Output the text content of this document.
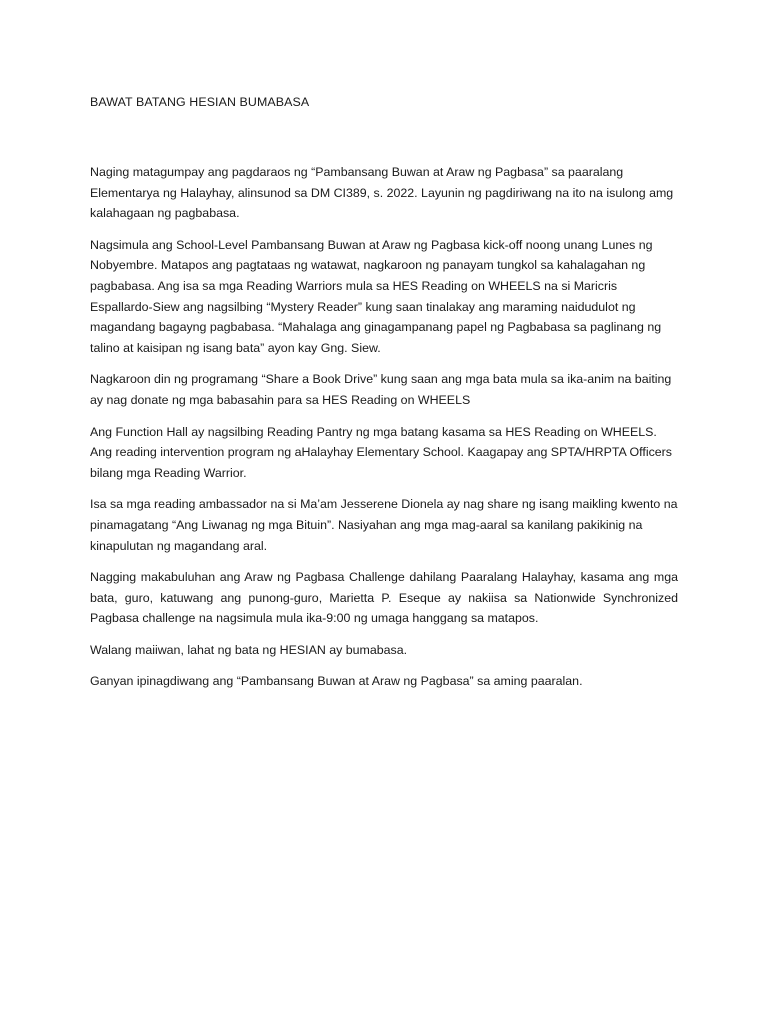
BAWAT BATANG HESIAN BUMABASA

Naging matagumpay ang pagdaraos ng “Pambansang Buwan at Araw ng Pagbasa” sa paaralang Elementarya ng Halayhay, alinsunod sa DM CI389, s. 2022. Layunin ng pagdiriwang na ito na isulong amg kalahagaan ng pagbabasa.

Nagsimula ang School-Level Pambansang Buwan at Araw ng Pagbasa kick-off noong unang Lunes ng Nobyembre. Matapos ang pagtataas ng watawat, nagkaroon ng panayam tungkol sa kahalagahan ng pagbabasa. Ang isa sa mga Reading Warriors mula sa HES Reading on WHEELS na si Maricris Espallardo-Siew ang nagsilbing “Mystery Reader” kung saan tinalakay ang maraming naidudulot ng magandang bagayng pagbabasa. “Mahalaga ang ginagampanang papel ng Pagbabasa sa paglinang ng talino at kaisipan ng isang bata” ayon kay Gng. Siew.

Nagkaroon din ng programang “Share a Book Drive” kung saan ang mga bata mula sa ika-anim na baiting ay nag donate ng mga babasahin para sa HES Reading on WHEELS

Ang Function Hall ay nagsilbing Reading Pantry ng mga batang kasama sa HES Reading on WHEELS. Ang reading intervention program ng aHalayhay Elementary School. Kaagapay ang SPTA/HRPTA Officers bilang mga Reading Warrior.

Isa sa mga reading ambassador na si Ma’am Jesserene Dionela ay nag share ng isang maikling kwento na pinamagatang “Ang Liwanag ng mga Bituin”. Nasiyahan ang mga mag-aaral sa kanilang pakikinig na kinapulutan ng magandang aral.

Nagging makabuluhan ang Araw ng Pagbasa Challenge dahilang Paaralang Halayhay, kasama ang mga bata, guro, katuwang ang punong-guro, Marietta P. Eseque ay nakiisa sa Nationwide Synchronized Pagbasa challenge na nagsimula mula ika-9:00 ng umaga hanggang sa matapos.

Walang maiiwan, lahat ng bata ng HESIAN ay bumabasa.

Ganyan ipinagdiwang ang “Pambansang Buwan at Araw ng Pagbasa” sa aming paaralan.
